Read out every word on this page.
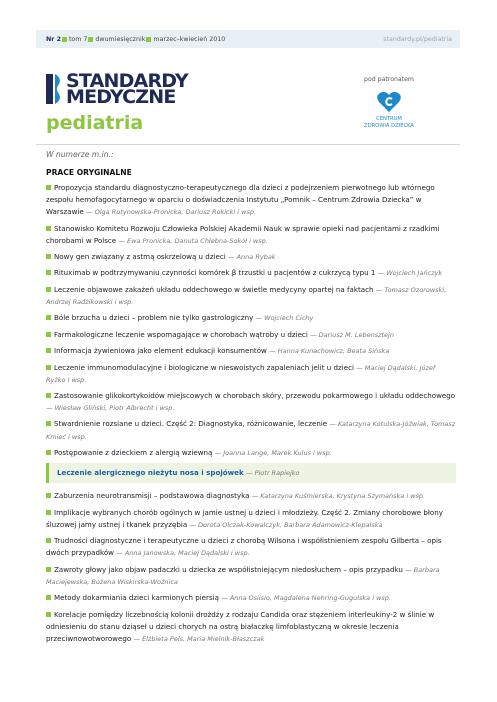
Nr 2 tom 7 dwumiesięcznik marzec–kwiecień 2010	standardy.pl/pediatria
STANDARDY
MEDYCZNE
pediatria
pod patronatem
CENTRUM
ZDROWIA DZIECKA
W numerze m.in.:
PRACE ORYGINALNE
Propozycja standardu diagnostyczno-terapeutycznego dla dzieci z podejrzeniem pierwotnego lub wtórnego zespołu hemofagocytarnego w oparciu o doświadczenia Instytutu „Pomnik – Centrum Zdrowia Dziecka” w Warszawie — Olga Rutynowska-Pronicka, Dariusz Rokicki i wsp.
Stanowisko Komitetu Rozwoju Człowieka Polskiej Akademii Nauk w sprawie opieki nad pacjentami z rzadkimi chorobami w Polsce — Ewa Pronicka, Danuta Chlebna-Sokół i wsp.
Nowy gen związany z astmą oskrzelową u dzieci — Anna Rybak
Rituximab w podtrzymywaniu czynności komórek β trzustki u pacjentów z cukrzycą typu 1 — Wojciech Jańczyk
Leczenie objawowe zakażeń układu oddechowego w świetle medycyny opartej na faktach — Tomasz Ozorowski, Andrzej Radzikowski i wsp.
Bóle brzucha u dzieci – problem nie tylko gastrologiczny — Wojciech Cichy
Farmakologiczne leczenie wspomagające w chorobach wątroby u dzieci — Dariusz M. Lebensztejn
Informacja żywieniowa jako element edukacji konsumentów — Hanna Kunachowicz, Beata Sińska
Leczenie immunomodulacyjne i biologiczne w nieswoistych zapaleniach jelit u dzieci — Maciej Dądalski, Józef Ryżko i wsp.
Zastosowanie glikokortykoidów miejscowych w chorobach skóry, przewodu pokarmowego i układu oddechowego — Wiesław Gliński, Piotr Albrecht i wsp.
Stwardnienie rozsiane u dzieci. Część 2: Diagnostyka, różnicowanie, leczenie — Katarzyna Kotulska-Jóźwiak, Tomasz Kmieć i wsp.
Postępowanie z dzieckiem z alergią wziewną — Joanna Lange, Marek Kulus i wsp.
Leczenie alergicznego nieżytu nosa i spojówek — Piotr Rapiejko
Zaburzenia neurotransmisji – podstawowa diagnostyka — Katarzyna Kuśmierska, Krystyna Szymańska i wsp.
Implikacje wybranych chorób ogólnych w jamie ustnej u dzieci i młodzieży. Część 2. Zmiany chorobowe błony śluzowej jamy ustnej i tkanek przyzębia — Dorota Olczak-Kowalczyk, Barbara Adamowicz-Klepalska
Trudności diagnostyczne i terapeutyczne u dzieci z chorobą Wilsona i współistnieniem zespołu Gilberta – opis dwóch przypadków — Anna Janowska, Maciej Dądalski i wsp.
Zawroty głowy jako objaw padaczki u dziecka ze współistniejącym niedosłuchem – opis przypadku — Barbara Maciejewska, Bożena Wiskirska-Woźnica
Metody dokarmiania dzieci karmionych piersią — Anna Osiisio, Magdalena Nehring-Gugulska i wsp.
Korelacje pomiędzy liczebnością kolonii drożdży z rodzaju Candida oraz stężeniem interleukiny-2 w ślinie w odniesieniu do stanu dziąseł u dzieci chorych na ostrą białaczkę limfoblastyczną w okresie leczenia przeciwnowotworowego — Elżbieta Pels, Maria Mielnik-Błaszczak
